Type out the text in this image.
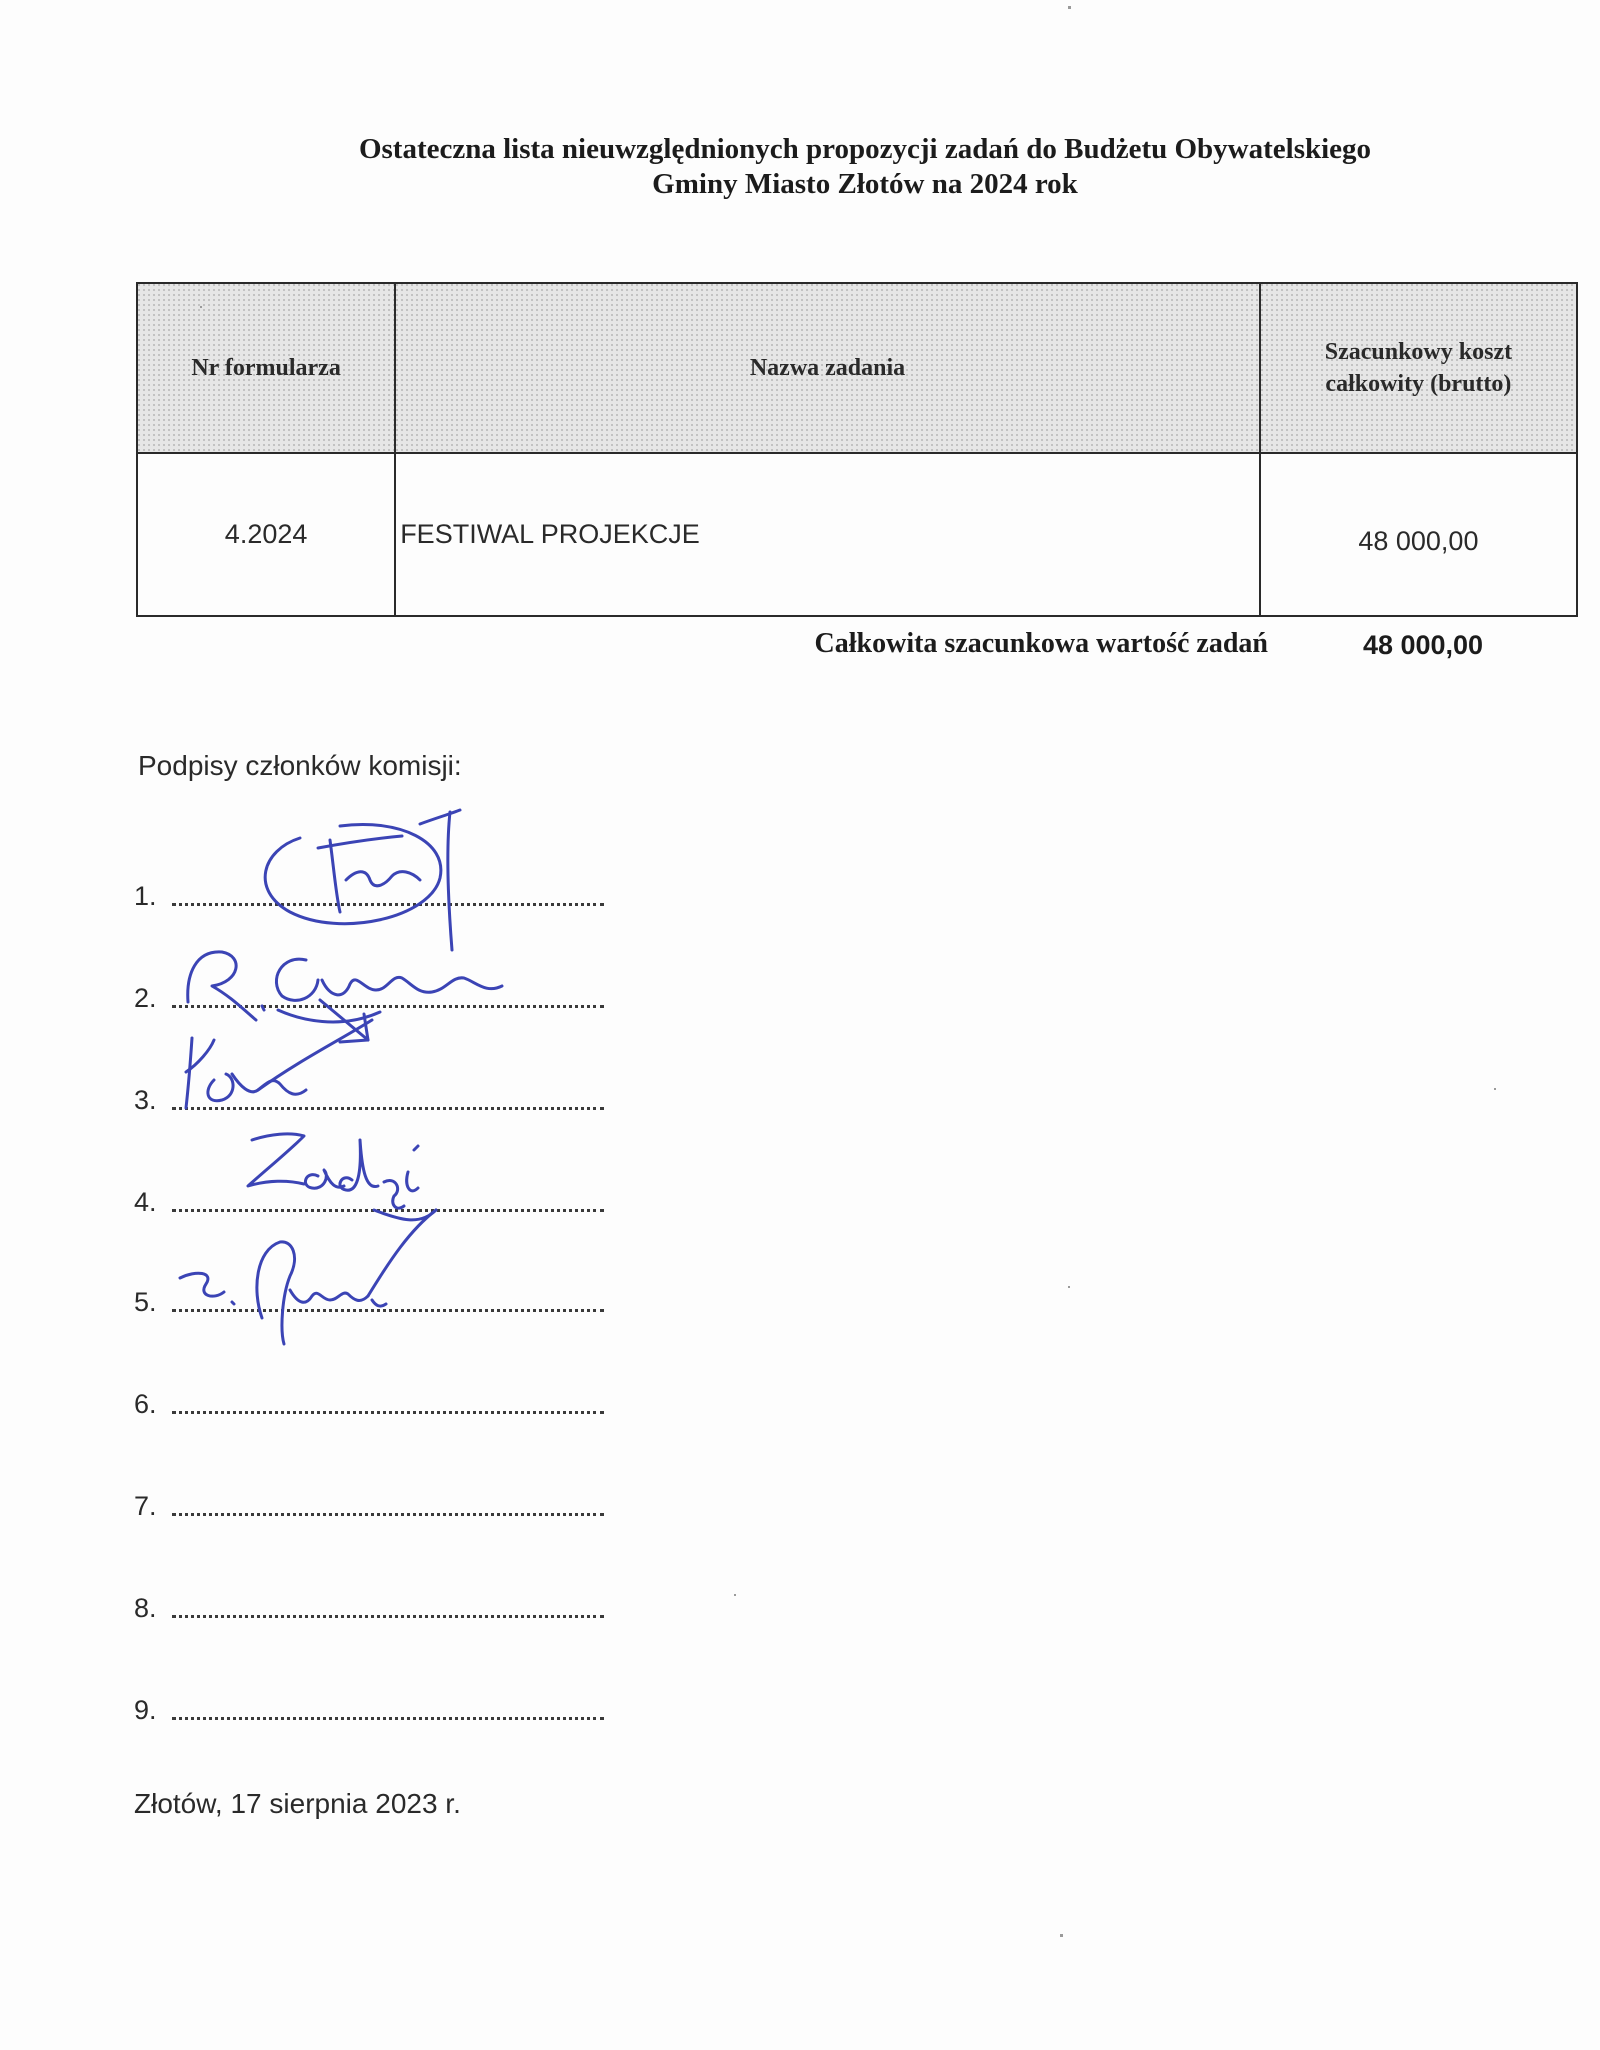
Ostateczna lista nieuwzględnionych propozycji zadań do Budżetu Obywatelskiego
Gminy Miasto Złotów na 2024 rok
Nr formularza	Nazwa zadania	Szacunkowy koszt
całkowity (brutto)
4.2024	FESTIWAL PROJEKCJE	48 000,00
Całkowita szacunkowa wartość zadań	48 000,00
Podpisy członków komisji:
1.
2.
3.
4.
5.
6.
7.
8.
9.
Złotów, 17 sierpnia 2023 r.
